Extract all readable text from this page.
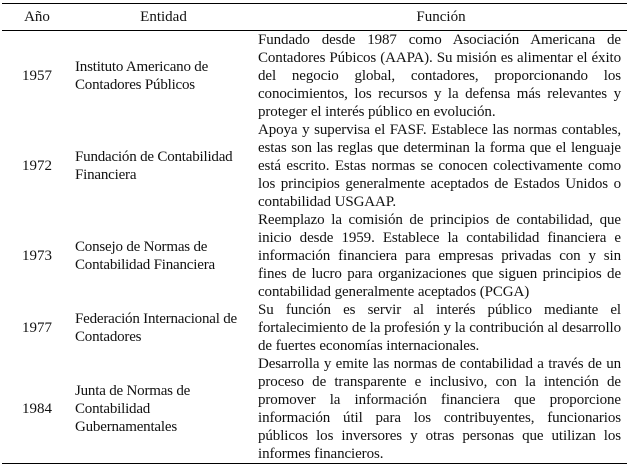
Año	Entidad	Función
1957	Instituto Americano de Contadores Públicos	Fundado desde 1987 como Asociación Americana de Contadores Púbicos (AAPA). Su misión es alimentar el éxito del negocio global, contadores, proporcionando los conocimientos, los recursos y la defensa más relevantes y proteger el interés público en evolución.
1972	Fundación de Contabilidad Financiera	Apoya y supervisa el FASF. Establece las normas contables, estas son las reglas que determinan la forma que el lenguaje está escrito. Estas normas se conocen colectivamente como los principios generalmente aceptados de Estados Unidos o contabilidad USGAAP.
1973	Consejo de Normas de Contabilidad Financiera	Reemplazo la comisión de principios de contabilidad, que inicio desde 1959. Establece la contabilidad financiera e información financiera para empresas privadas con y sin fines de lucro para organizaciones que siguen principios de contabilidad generalmente aceptados (PCGA)
1977	Federación Internacional de Contadores	Su función es servir al interés público mediante el fortalecimiento de la profesión y la contribución al desarrollo de fuertes economías internacionales.
1984	Junta de Normas de Contabilidad Gubernamentales	Desarrolla y emite las normas de contabilidad a través de un proceso de transparente e inclusivo, con la intención de promover la información financiera que proporcione información útil para los contribuyentes, funcionarios públicos los inversores y otras personas que utilizan los informes financieros.
